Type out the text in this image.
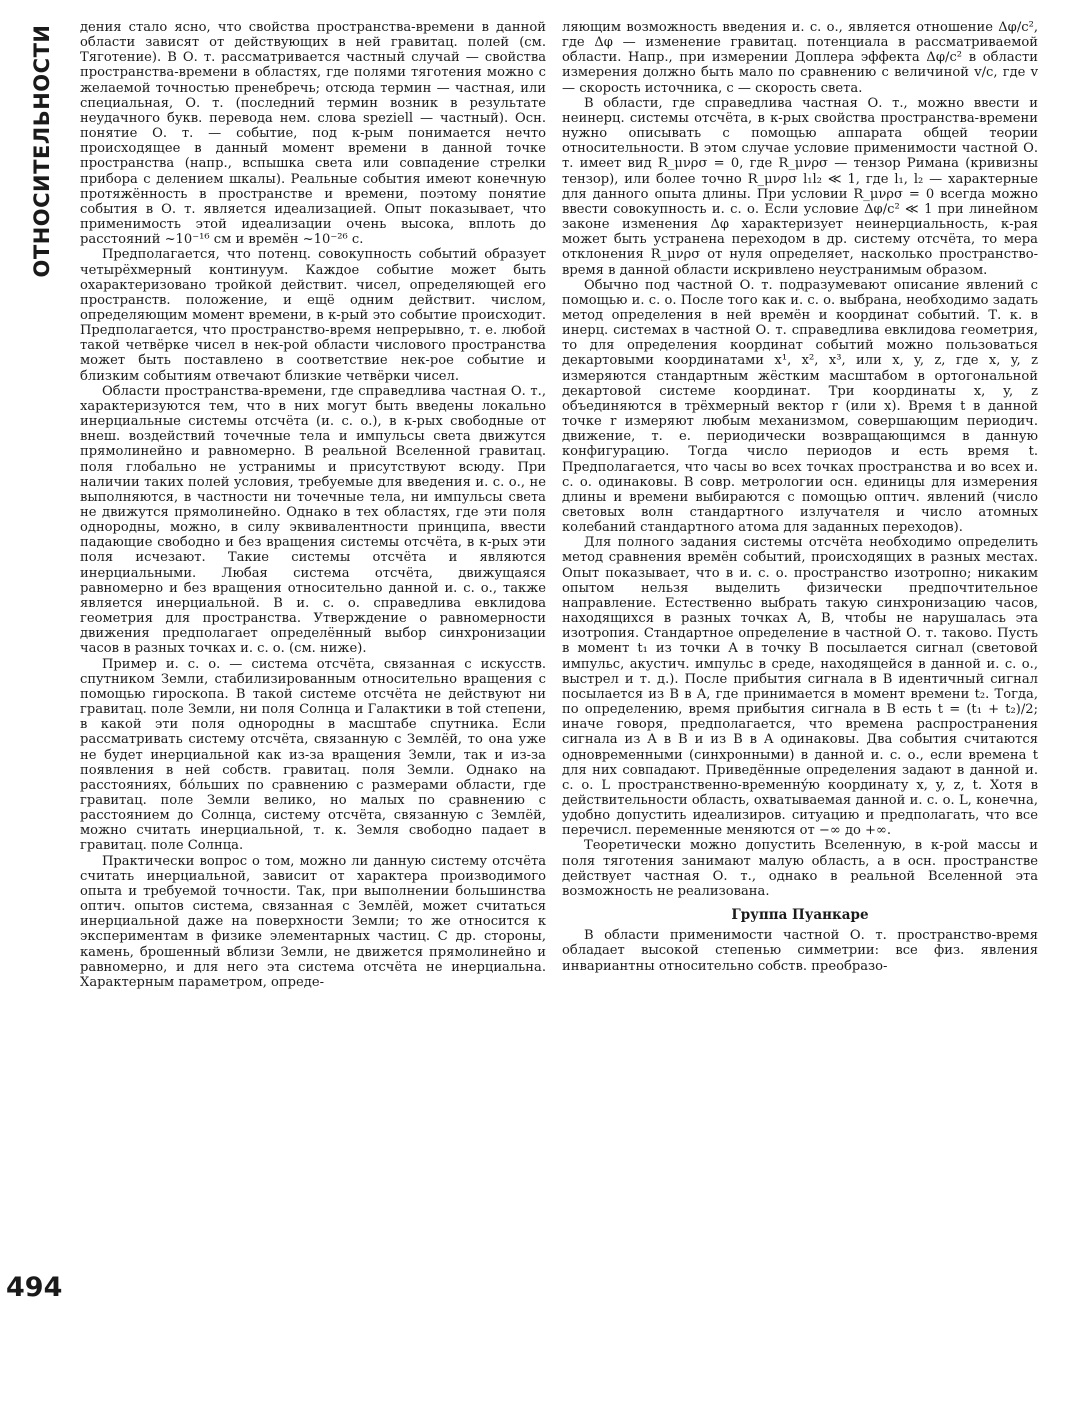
ОТНОСИТЕЛЬНОСТИ
494

дения стало ясно, что свойства пространства-времени в данной области зависят от действующих в ней гравитац. полей (см. Тяготение). В О. т. рассматривается частный случай — свойства пространства-времени в областях, где полями тяготения можно с желаемой точностью пренебречь; отсюда термин — частная, или специальная, О. т. (последний термин возник в результате неудачного букв. перевода нем. слова speziell — частный). Осн. понятие О. т. — событие, под к-рым понимается нечто происходящее в данный момент времени в данной точке пространства (напр., вспышка света или совпадение стрелки прибора с делением шкалы). Реальные события имеют конечную протяжённость в пространстве и времени, поэтому понятие события в О. т. является идеализацией. Опыт показывает, что применимость этой идеализации очень высока, вплоть до расстояний ~10⁻¹⁶ см и времён ~10⁻²⁶ с.

Предполагается, что потенц. совокупность событий образует четырёхмерный континуум. Каждое событие может быть охарактеризовано тройкой действит. чисел, определяющей его пространств. положение, и ещё одним действит. числом, определяющим момент времени, в к-рый это событие происходит. Предполагается, что пространство-время непрерывно, т. е. любой такой четвёрке чисел в нек-рой области числового пространства может быть поставлено в соответствие нек-рое событие и близким событиям отвечают близкие четвёрки чисел.

Области пространства-времени, где справедлива частная О. т., характеризуются тем, что в них могут быть введены локально инерциальные системы отсчёта (и. с. о.), в к-рых свободные от внеш. воздействий точечные тела и импульсы света движутся прямолинейно и равномерно. В реальной Вселенной гравитац. поля глобально не устранимы и присутствуют всюду. При наличии таких полей условия, требуемые для введения и. с. о., не выполняются, в частности ни точечные тела, ни импульсы света не движутся прямолинейно. Однако в тех областях, где эти поля однородны, можно, в силу эквивалентности принципа, ввести падающие свободно и без вращения системы отсчёта, в к-рых эти поля исчезают. Такие системы отсчёта и являются инерциальными. Любая система отсчёта, движущаяся равномерно и без вращения относительно данной и. с. о., также является инерциальной. В и. с. о. справедлива евклидова геометрия для пространства. Утверждение о равномерности движения предполагает определённый выбор синхронизации часов в разных точках и. с. о. (см. ниже).

Пример и. с. о. — система отсчёта, связанная с искусств. спутником Земли, стабилизированным относительно вращения с помощью гироскопа. В такой системе отсчёта не действуют ни гравитац. поле Земли, ни поля Солнца и Галактики в той степени, в какой эти поля однородны в масштабе спутника. Если рассматривать систему отсчёта, связанную с Землёй, то она уже не будет инерциальной как из-за вращения Земли, так и из-за появления в ней собств. гравитац. поля Земли. Однако на расстояниях, бо́льших по сравнению с размерами области, где гравитац. поле Земли велико, но малых по сравнению с расстоянием до Солнца, систему отсчёта, связанную с Землёй, можно считать инерциальной, т. к. Земля свободно падает в гравитац. поле Солнца.

Практически вопрос о том, можно ли данную систему отсчёта считать инерциальной, зависит от характера производимого опыта и требуемой точности. Так, при выполнении большинства оптич. опытов система, связанная с Землёй, может считаться инерциальной даже на поверхности Земли; то же относится к экспериментам в физике элементарных частиц. С др. стороны, камень, брошенный вблизи Земли, не движется прямолинейно и равномерно, и для него эта система отсчёта не инерциальна. Характерным параметром, опреде-

ляющим возможность введения и. с. о., является отношение Δφ/c², где Δφ — изменение гравитац. потенциала в рассматриваемой области. Напр., при измерении Доплера эффекта Δφ/c² в области измерения должно быть мало по сравнению с величиной v/c, где v — скорость источника, c — скорость света.

В области, где справедлива частная О. т., можно ввести и неинерц. системы отсчёта, в к-рых свойства пространства-времени нужно описывать с помощью аппарата общей теории относительности. В этом случае условие применимости частной О. т. имеет вид R_μνρσ = 0, где R_μνρσ — тензор Римана (кривизны тензор), или более точно R_μνρσ l₁l₂ ≪ 1, где l₁, l₂ — характерные для данного опыта длины. При условии R_μνρσ = 0 всегда можно ввести совокупность и. с. о. Если условие Δφ/c² ≪ 1 при линейном законе изменения Δφ характеризует неинерциальность, к-рая может быть устранена переходом в др. систему отсчёта, то мера отклонения R_μνρσ от нуля определяет, насколько пространство-время в данной области искривлено неустранимым образом.

Обычно под частной О. т. подразумевают описание явлений с помощью и. с. о. После того как и. с. о. выбрана, необходимо задать метод определения в ней времён и координат событий. Т. к. в инерц. системах в частной О. т. справедлива евклидова геометрия, то для определения координат событий можно пользоваться декартовыми координатами x¹, x², x³, или x, y, z, где x, y, z измеряются стандартным жёстким масштабом в ортогональной декартовой системе координат. Три координаты x, y, z объединяются в трёхмерный вектор r (или x). Время t в данной точке r измеряют любым механизмом, совершающим периодич. движение, т. е. периодически возвращающимся в данную конфигурацию. Тогда число периодов и есть время t. Предполагается, что часы во всех точках пространства и во всех и. с. о. одинаковы. В совр. метрологии осн. единицы для измерения длины и времени выбираются с помощью оптич. явлений (число световых волн стандартного излучателя и число атомных колебаний стандартного атома для заданных переходов).

Для полного задания системы отсчёта необходимо определить метод сравнения времён событий, происходящих в разных местах. Опыт показывает, что в и. с. о. пространство изотропно; никаким опытом нельзя выделить физически предпочтительное направление. Естественно выбрать такую синхронизацию часов, находящихся в разных точках A, B, чтобы не нарушалась эта изотропия. Стандартное определение в частной О. т. таково. Пусть в момент t₁ из точки A в точку B посылается сигнал (световой импульс, акустич. импульс в среде, находящейся в данной и. с. о., выстрел и т. д.). После прибытия сигнала в B идентичный сигнал посылается из B в A, где принимается в момент времени t₂. Тогда, по определению, время прибытия сигнала в B есть t = (t₁ + t₂)/2; иначе говоря, предполагается, что времена распространения сигнала из A в B и из B в A одинаковы. Два события считаются одновременными (синхронными) в данной и. с. о., если времена t для них совпадают. Приведённые определения задают в данной и. с. о. L пространственно-временну́ю координату x, y, z, t. Хотя в действительности область, охватываемая данной и. с. о. L, конечна, удобно допустить идеализиров. ситуацию и предполагать, что все перечисл. переменные меняются от −∞ до +∞.

Теоретически можно допустить Вселенную, в к-рой массы и поля тяготения занимают малую область, а в осн. пространстве действует частная О. т., однако в реальной Вселенной эта возможность не реализована.

Группа Пуанкаре

В области применимости частной О. т. пространство-время обладает высокой степенью симметрии: все физ. явления инвариантны относительно собств. преобразо-
